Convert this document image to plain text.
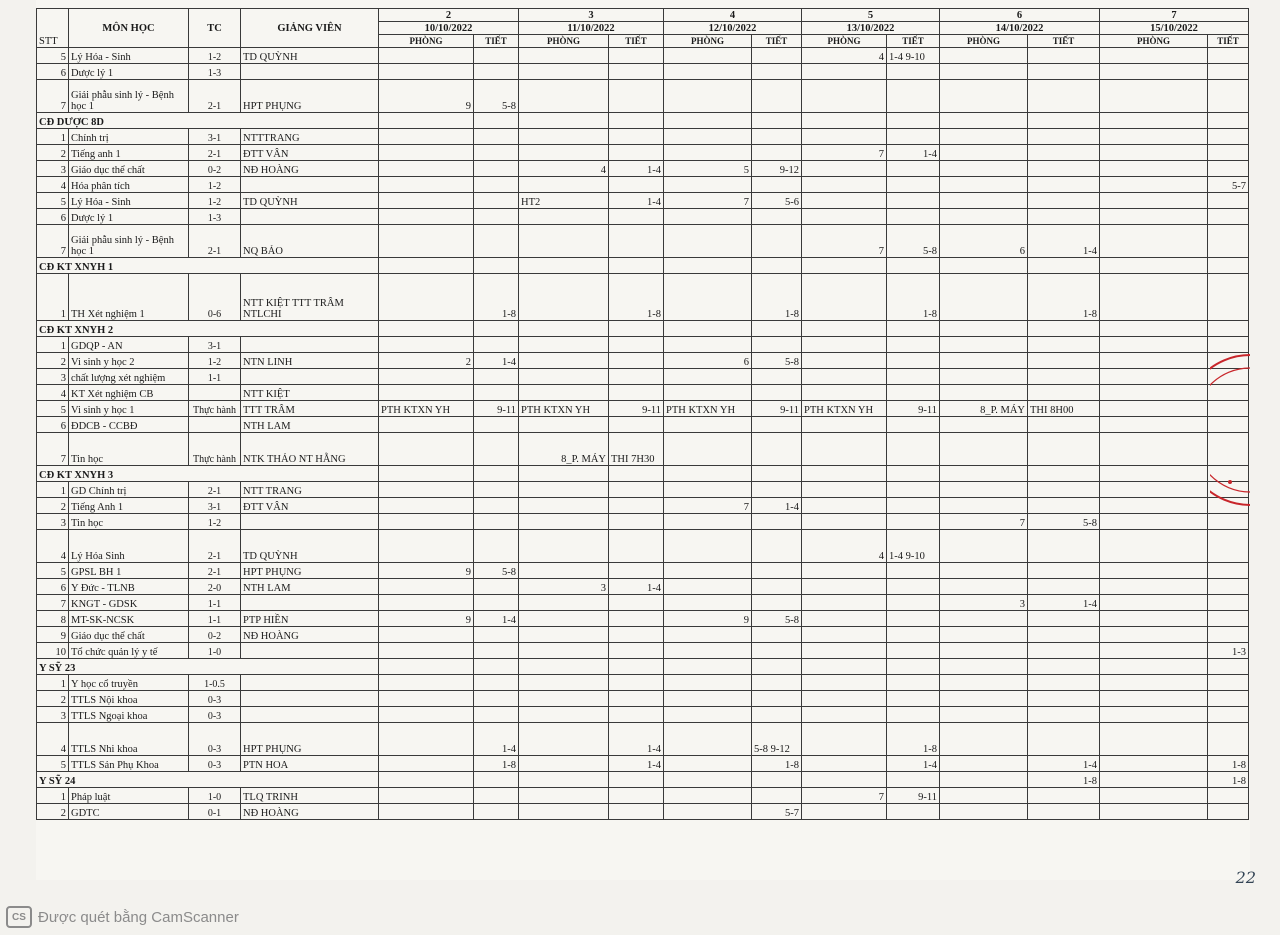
STT	MÔN HỌC	TC	GIẢNG VIÊN	2		3		4		5		6		7	
				10/10/2022		11/10/2022		12/10/2022		13/10/2022		14/10/2022		15/10/2022	
				PHÒNG	TIẾT	PHÒNG	TIẾT	PHÒNG	TIẾT	PHÒNG	TIẾT	PHÒNG	TIẾT	PHÒNG	TIẾT
5	Lý Hóa - Sinh	1-2	TD QUỲNH							4	1-4 9-10				
6	Dược lý 1	1-3													
7	Giải phẫu sinh lý - Bệnh học 1	2-1	HPT PHỤNG	9	5-8										
CĐ DƯỢC 8D															
1	Chính trị	3-1	NTTTRANG												
2	Tiếng anh 1	2-1	ĐTT VÂN							7	1-4				
3	Giáo dục thể chất	0-2	NĐ HOÀNG			4	1-4	5	9-12						
4	Hóa phân tích	1-2													5-7
5	Lý Hóa - Sinh	1-2	TD QUỲNH			HT2	1-4	7	5-6						
6	Dược lý 1	1-3													
7	Giải phẫu sinh lý - Bệnh học 1	2-1	NQ BẢO							7	5-8	6	1-4		
CĐ KT XNYH 1															
1	TH Xét nghiệm 1	0-6	NTT KIỆT TTT TRÂM NTLCHI		1-8		1-8		1-8		1-8		1-8		
CĐ KT XNYH 2															
1	GDQP - AN	3-1													
2	Vi sinh y học 2	1-2	NTN LINH	2	1-4			6	5-8						
3	chất lượng xét nghiệm	1-1													
4	KT Xét nghiệm CB		NTT KIỆT												
5	Vi sinh y học 1	Thực hành	TTT TRÂM	PTH KTXN YH	9-11	PTH KTXN YH	9-11	PTH KTXN YH	9-11	PTH KTXN YH	9-11	8_P. MÁY	THI 8H00		
6	ĐDCB - CCBĐ		NTH LAM												
7	Tin học	Thực hành	NTK THẢO NT HẰNG			8_P. MÁY	THI 7H30								
CĐ KT XNYH 3															
1	GD Chính trị	2-1	NTT TRANG												
2	Tiếng Anh 1	3-1	ĐTT VÂN					7	1-4						
3	Tin học	1-2										7	5-8		
4	Lý Hóa Sinh	2-1	TD QUỲNH							4	1-4 9-10				
5	GPSL BH 1	2-1	HPT PHỤNG	9	5-8										
6	Y Đức - TLNB	2-0	NTH LAM			3	1-4								
7	KNGT - GDSK	1-1										3	1-4		
8	MT-SK-NCSK	1-1	PTP HIỀN	9	1-4			9	5-8						
9	Giáo dục thể chất	0-2	NĐ HOÀNG												
10	Tổ chức quản lý y tế	1-0													1-3
Y SỸ 23															
1	Y học cổ truyền	1-0.5													
2	TTLS Nội khoa	0-3													
3	TTLS Ngoại khoa	0-3													
4	TTLS Nhi khoa	0-3	HPT PHỤNG		1-4		1-4		5-8 9-12		1-8				
5	TTLS Sản Phụ Khoa	0-3	PTN HOA		1-8		1-4		1-8		1-4		1-4		1-8
Y SỸ 24													1-8		1-8
1	Pháp luật	1-0	TLQ TRINH							7	9-11				
2	GDTC	0-1	NĐ HOÀNG						5-7						
CS Được quét bằng CamScanner
22
